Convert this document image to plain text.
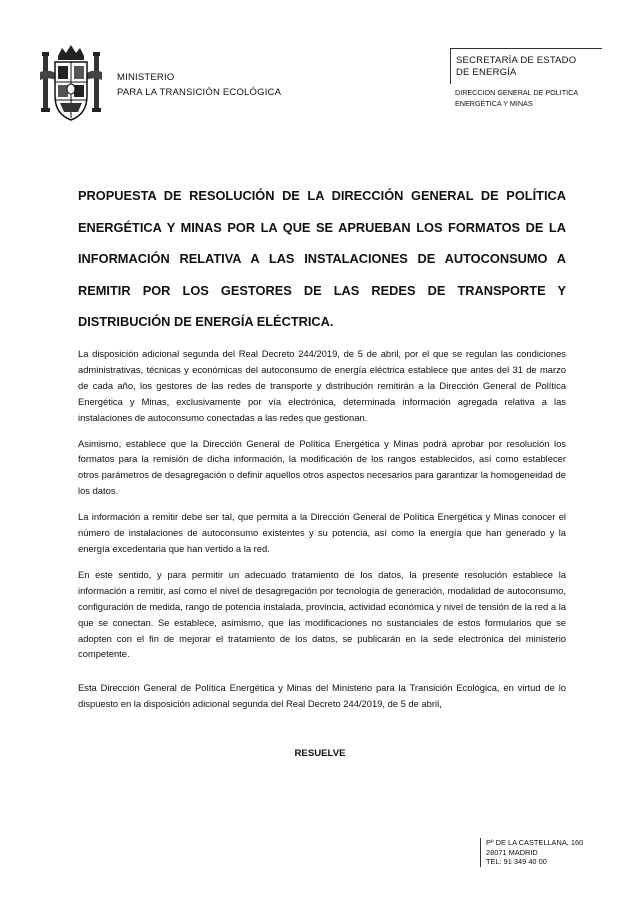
MINISTERIO
PARA LA TRANSICIÓN ECOLÓGICA
SECRETARÍA DE ESTADO
DE ENERGÍA
DIRECCION GENERAL DE POLITICA
ENERGÉTICA Y MINAS

PROPUESTA DE RESOLUCIÓN DE LA DIRECCIÓN GENERAL DE POLÍTICA ENERGÉTICA Y MINAS POR LA QUE SE APRUEBAN LOS FORMATOS DE LA INFORMACIÓN RELATIVA A LAS INSTALACIONES DE AUTOCONSUMO A REMITIR POR LOS GESTORES DE LAS REDES DE TRANSPORTE Y DISTRIBUCIÓN DE ENERGÍA ELÉCTRICA.

La disposición adicional segunda del Real Decreto 244/2019, de 5 de abril, por el que se regulan las condiciones administrativas, técnicas y económicas del autoconsumo de energía eléctrica establece que antes del 31 de marzo de cada año, los gestores de las redes de transporte y distribución remitirán a la Dirección General de Política Energética y Minas, exclusivamente por vía electrónica, determinada información agregada relativa a las instalaciones de autoconsumo conectadas a las redes que gestionan.

Asimismo, establece que la Dirección General de Política Energética y Minas podrá aprobar por resolución los formatos para la remisión de dicha información, la modificación de los rangos establecidos, así como establecer otros parámetros de desagregación o definir aquellos otros aspectos necesarios para garantizar la homogeneidad de los datos.

La información a remitir debe ser tal, que permita a la Dirección General de Política Energética y Minas conocer el número de instalaciones de autoconsumo existentes y su potencia, así como la energía que han generado y la energía excedentaria que han vertido a la red.

En este sentido, y para permitir un adecuado tratamiento de los datos, la presente resolución establece la información a remitir, así como el nivel de desagregación por tecnología de generación, modalidad de autoconsumo, configuración de medida, rango de potencia instalada, provincia, actividad económica y nivel de tensión de la red a la que se conectan. Se establece, asimismo, que las modificaciones no sustanciales de estos formularios que se adopten con el fin de mejorar el tratamiento de los datos, se publicarán en la sede electrónica del ministerio competente.

Esta Dirección General de Política Energética y Minas del Ministerio para la Transición Ecológica, en virtud de lo dispuesto en la disposición adicional segunda del Real Decreto 244/2019, de 5 de abril,

RESUELVE
Pº DE LA CASTELLANA, 160
28071 MADRID
TEL: 91 349 40 00
